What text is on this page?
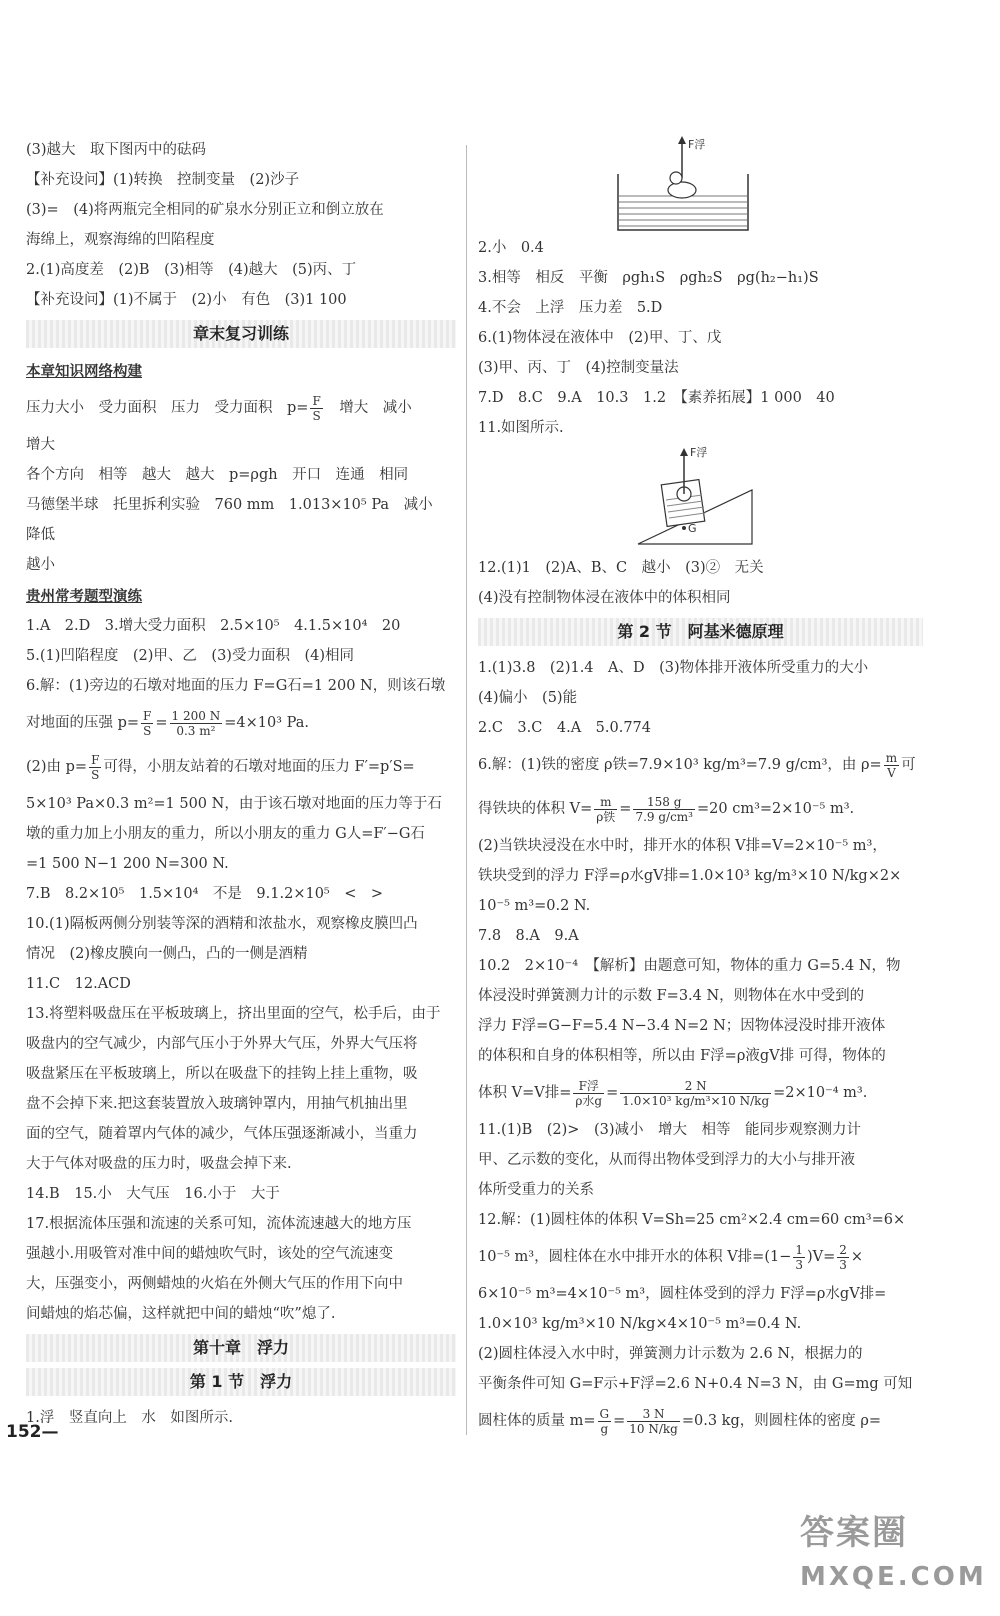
(3)越大　取下图丙中的砝码
【补充设问】(1)转换　控制变量　(2)沙子
(3)=　(4)将两瓶完全相同的矿泉水分别正立和倒立放在
海绵上，观察海绵的凹陷程度
2.(1)高度差　(2)B　(3)相等　(4)越大　(5)丙、丁
【补充设问】(1)不属于　(2)小　有色　(3)1 100
章末复习训练
本章知识网络构建
压力大小　受力面积　压力　受力面积　$p= \frac{F}{S}$ 　增大　减小
增大
各个方向　相等　越大　越大　p=ρgh　开口　连通　相同
马德堡半球　托里拆利实验　760 mm　1.013×10⁵ Pa　减小
降低
越小
贵州常考题型演练
1.A　2.D　3.增大受力面积　2.5×10⁵　4.1.5×10⁴　20
5.(1)凹陷程度　(2)甲、乙　(3)受力面积　(4)相同
6.解：(1)旁边的石墩对地面的压力 F=G石=1 200 N，则该石墩
对地面的压强 $p= \frac{F}{S} = \frac{1 200 N}{\text{0.3 m²}} =4\times 10^3$ Pa.
(2)由 $p= \frac{F}{S}$ 可得，小朋友站着的石墩对地面的压力 F′=p′S=
5×10³ Pa×0.3 m²=1 500 N，由于该石墩对地面的压力等于石
墩的重力加上小朋友的重力，所以小朋友的重力 G人=F′−G石
=1 500 N−1 200 N=300 N.
7.B　8.2×10⁵　1.5×10⁴　不是　9.1.2×10⁵　<　>
10.(1)隔板两侧分别装等深的酒精和浓盐水，观察橡皮膜凹凸
情况　(2)橡皮膜向一侧凸，凸的一侧是酒精
11.C　12.ACD
13.将塑料吸盘压在平板玻璃上，挤出里面的空气，松手后，由于
吸盘内的空气减少，内部气压小于外界大气压，外界大气压将
吸盘紧压在平板玻璃上，所以在吸盘下的挂钩上挂上重物，吸
盘不会掉下来.把这套装置放入玻璃钟罩内，用抽气机抽出里
面的空气，随着罩内气体的减少，气体压强逐渐减小，当重力
大于气体对吸盘的压力时，吸盘会掉下来.
14.B　15.小　大气压　16.小于　大于
17.根据流体压强和流速的关系可知，流体流速越大的地方压
强越小.用吸管对准中间的蜡烛吹气时，该处的空气流速变
大，压强变小，两侧蜡烛的火焰在外侧大气压的作用下向中
间蜡烛的焰芯偏，这样就把中间的蜡烛“吹”熄了.
第十章　浮力
第 1 节　浮力
1.浮　竖直向上　水　如图所示.
F浮
2.小　0.4
3.相等　相反　平衡　ρgh₁S　ρgh₂S　ρg(h₂−h₁)S
4.不会　上浮　压力差　5.D
6.(1)物体浸在液体中　(2)甲、丁、戊
(3)甲、丙、丁　(4)控制变量法
7.D　8.C　9.A　10.3　1.2　【素养拓展】1 000　40
11.如图所示.
F浮
G
12.(1)1　(2)A、B、C　越小　(3)②　无关
(4)没有控制物体浸在液体中的体积相同
第 2 节　阿基米德原理
1.(1)3.8　(2)1.4　A、D　(3)物体排开液体所受重力的大小
(4)偏小　(5)能
2.C　3.C　4.A　5.0.774
6.解：(1)铁的密度 ρ铁=7.9×10³ kg/m³=7.9 g/cm³，由 $\rho= \frac{m}{V}$ 可
得铁块的体积 $V= \frac{m}{\text{ρ铁}} = \frac{158 g}{\text{7.9 g/cm³}} =20$ cm³=2×10⁻⁵ m³.
(2)当铁块浸没在水中时，排开水的体积 V排=V=2×10⁻⁵ m³，
铁块受到的浮力 F浮=ρ水gV排=1.0×10³ kg/m³×10 N/kg×2×
10⁻⁵ m³=0.2 N.
7.8　8.A　9.A
10.2　2×10⁻⁴　【解析】由题意可知，物体的重力 G=5.4 N，物
体浸没时弹簧测力计的示数 F=3.4 N，则物体在水中受到的
浮力 F浮=G−F=5.4 N−3.4 N=2 N；因物体浸没时排开液体
的体积和自身的体积相等，所以由 F浮=ρ液gV排 可得，物体的
体积 V=V排= $\frac{\text{F浮}}{\text{ρ水g}} = \frac{2 N}{\text{1.0×10³ kg/m³×10 N/kg}} =2\times 10^{-4}$ m³.
11.(1)B　(2)>　(3)减小　增大　相等　能同步观察测力计
甲、乙示数的变化，从而得出物体受到浮力的大小与排开液
体所受重力的关系
12.解：(1)圆柱体的体积 V=Sh=25 cm²×2.4 cm=60 cm³=6×
10⁻⁵ m³，圆柱体在水中排开水的体积 V排$=(1- \frac{1}{3} )V= \frac{2}{3}$ ×
6×10⁻⁵ m³=4×10⁻⁵ m³，圆柱体受到的浮力 F浮=ρ水gV排=
1.0×10³ kg/m³×10 N/kg×4×10⁻⁵ m³=0.4 N.
(2)圆柱体浸入水中时，弹簧测力计示数为 2.6 N，根据力的
平衡条件可知 G=F示+F浮=2.6 N+0.4 N=3 N，由 G=mg 可知
圆柱体的质量 $m= \frac{G}{g} = \frac{3 N}{10 N/kg} =0.3$ kg，则圆柱体的密度 ρ=
152—
答案圈
MXQE.COM
